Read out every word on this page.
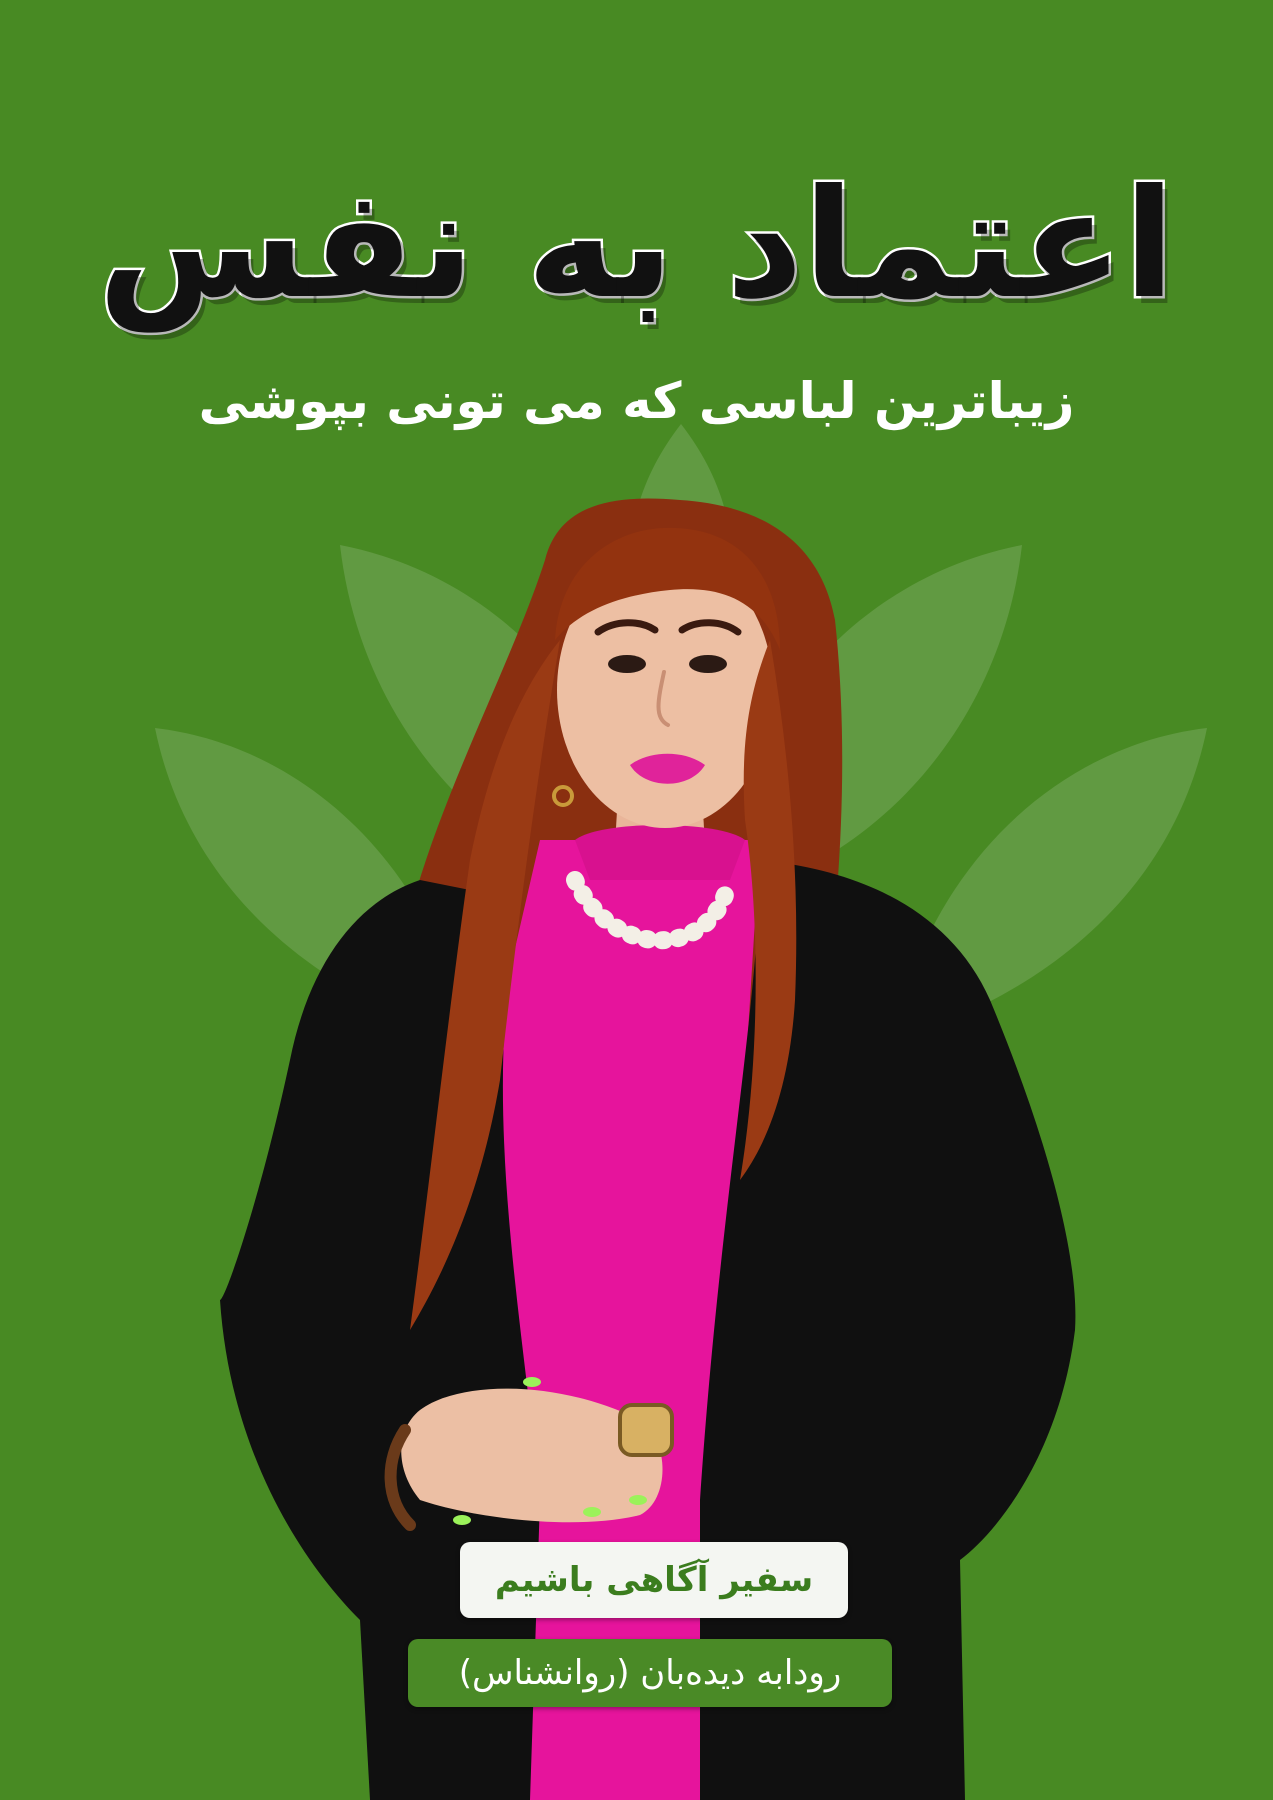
اعتماد به نفس
زیباترین لباسی که می تونی بپوشی
سفیر آگاهی باشیم
رودابه دیده‌بان (روانشناس)
